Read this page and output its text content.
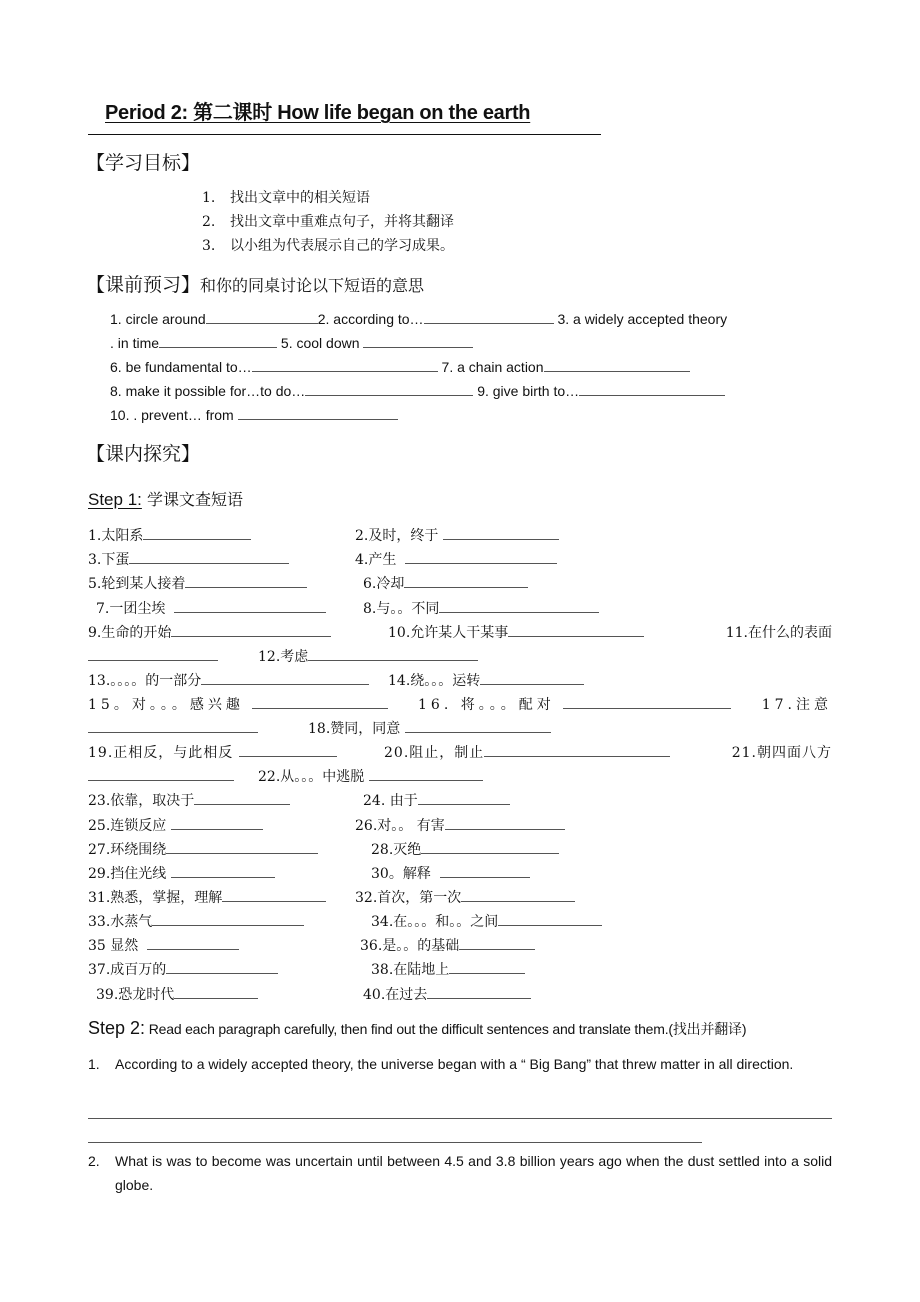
Period 2: 第二课时 How life began on the earth
【学习目标】
1. 找出文章中的相关短语
2. 找出文章中重难点句子，并将其翻译
3. 以小组为代表展示自己的学习成果。
【课前预习】和你的同桌讨论以下短语的意思
1. circle around	2. according to…	3. a widely accepted theory
. in time	5. cool down
6. be fundamental to…	7. a chain action
8. make it possible for…to do…	9. give birth to…
10. . prevent… from
【课内探究】
Step 1: 学课文查短语
1.太阳系	2.及时，终于
3.下蛋	4.产生
5.轮到某人接着	6.冷却
7.一团尘埃	8.与。。不同
9.生命的开始	10.允许某人干某事	11.在什么的表面
12.考虑
13.。。。。的一部分	14.绕。。。运转
15。对。。。感兴趣	16. 将。。。配对	17.注意
18.赞同，同意
19.正相反，与此相反	20.阻止，制止	21.朝四面八方
22.从。。。中逃脱
23.依靠，取决于	24. 由于
25.连锁反应	26.对。。 有害
27.环绕围绕	28.灭绝
29.挡住光线	30。解释
31.熟悉，掌握，理解	32.首次，第一次
33.水蒸气	34.在。。。和。。之间
35 显然	36.是。。的基础
37.成百万的	38.在陆地上
39.恐龙时代	40.在过去
Step 2: Read each paragraph carefully, then find out the difficult sentences and translate them.(找出并翻译)
1. According to a widely accepted theory, the universe began with a “ Big Bang” that threw matter in all direction.
2. What is was to become was uncertain until between 4.5 and 3.8 billion years ago when the dust settled into a solid globe.
